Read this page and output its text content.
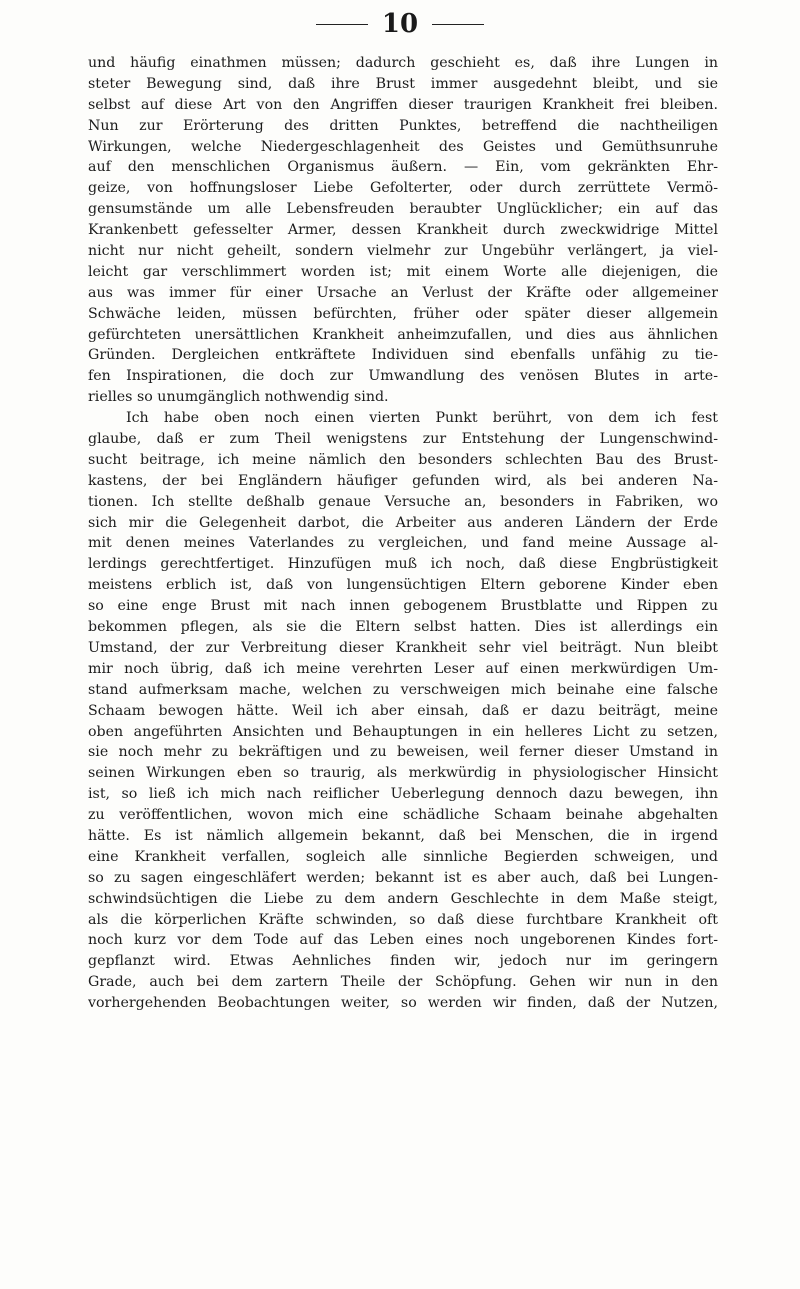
10
und häufig einathmen müssen; dadurch geschieht es, daß ihre Lungen in
steter Bewegung sind, daß ihre Brust immer ausgedehnt bleibt, und sie
selbst auf diese Art von den Angriffen dieser traurigen Krankheit frei bleiben.
Nun zur Erörterung des dritten Punktes, betreffend die nachtheiligen
Wirkungen, welche Niedergeschlagenheit des Geistes und Gemüthsunruhe
auf den menschlichen Organismus äußern. — Ein, vom gekränkten Ehr-
geize, von hoffnungsloser Liebe Gefolterter, oder durch zerrüttete Vermö-
gensumstände um alle Lebensfreuden beraubter Unglücklicher; ein auf das
Krankenbett gefesselter Armer, dessen Krankheit durch zweckwidrige Mittel
nicht nur nicht geheilt, sondern vielmehr zur Ungebühr verlängert, ja viel-
leicht gar verschlimmert worden ist; mit einem Worte alle diejenigen, die
aus was immer für einer Ursache an Verlust der Kräfte oder allgemeiner
Schwäche leiden, müssen befürchten, früher oder später dieser allgemein
gefürchteten unersättlichen Krankheit anheimzufallen, und dies aus ähnlichen
Gründen. Dergleichen entkräftete Individuen sind ebenfalls unfähig zu tie-
fen Inspirationen, die doch zur Umwandlung des venösen Blutes in arte-
rielles so unumgänglich nothwendig sind.
Ich habe oben noch einen vierten Punkt berührt, von dem ich fest
glaube, daß er zum Theil wenigstens zur Entstehung der Lungenschwind-
sucht beitrage, ich meine nämlich den besonders schlechten Bau des Brust-
kastens, der bei Engländern häufiger gefunden wird, als bei anderen Na-
tionen. Ich stellte deßhalb genaue Versuche an, besonders in Fabriken, wo
sich mir die Gelegenheit darbot, die Arbeiter aus anderen Ländern der Erde
mit denen meines Vaterlandes zu vergleichen, und fand meine Aussage al-
lerdings gerechtfertiget. Hinzufügen muß ich noch, daß diese Engbrüstigkeit
meistens erblich ist, daß von lungensüchtigen Eltern geborene Kinder eben
so eine enge Brust mit nach innen gebogenem Brustblatte und Rippen zu
bekommen pflegen, als sie die Eltern selbst hatten. Dies ist allerdings ein
Umstand, der zur Verbreitung dieser Krankheit sehr viel beiträgt. Nun bleibt
mir noch übrig, daß ich meine verehrten Leser auf einen merkwürdigen Um-
stand aufmerksam mache, welchen zu verschweigen mich beinahe eine falsche
Schaam bewogen hätte. Weil ich aber einsah, daß er dazu beiträgt, meine
oben angeführten Ansichten und Behauptungen in ein helleres Licht zu setzen,
sie noch mehr zu bekräftigen und zu beweisen, weil ferner dieser Umstand in
seinen Wirkungen eben so traurig, als merkwürdig in physiologischer Hinsicht
ist, so ließ ich mich nach reiflicher Ueberlegung dennoch dazu bewegen, ihn
zu veröffentlichen, wovon mich eine schädliche Schaam beinahe abgehalten
hätte. Es ist nämlich allgemein bekannt, daß bei Menschen, die in irgend
eine Krankheit verfallen, sogleich alle sinnliche Begierden schweigen, und
so zu sagen eingeschläfert werden; bekannt ist es aber auch, daß bei Lungen-
schwindsüchtigen die Liebe zu dem andern Geschlechte in dem Maße steigt,
als die körperlichen Kräfte schwinden, so daß diese furchtbare Krankheit oft
noch kurz vor dem Tode auf das Leben eines noch ungeborenen Kindes fort-
gepflanzt wird. Etwas Aehnliches finden wir, jedoch nur im geringern
Grade, auch bei dem zartern Theile der Schöpfung. Gehen wir nun in den
vorhergehenden Beobachtungen weiter, so werden wir finden, daß der Nutzen,
